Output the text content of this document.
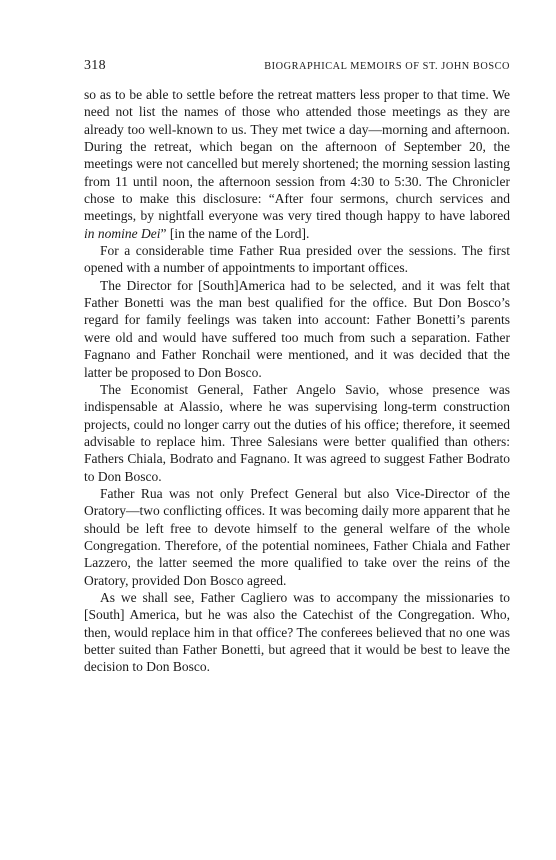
318	BIOGRAPHICAL MEMOIRS OF ST. JOHN BOSCO

so as to be able to settle before the retreat matters less proper to that time. We need not list the names of those who attended those meetings as they are already too well-known to us. They met twice a day—morning and afternoon. During the retreat, which began on the afternoon of September 20, the meetings were not cancelled but merely shortened; the morning session lasting from 11 until noon, the afternoon session from 4:30 to 5:30. The Chronicler chose to make this disclosure: “After four sermons, church services and meetings, by nightfall everyone was very tired though happy to have labored in nomine Dei” [in the name of the Lord].

For a considerable time Father Rua presided over the sessions. The first opened with a number of appointments to important offices.

The Director for [South]America had to be selected, and it was felt that Father Bonetti was the man best qualified for the office. But Don Bosco’s regard for family feelings was taken into account: Father Bonetti’s parents were old and would have suffered too much from such a separation. Father Fagnano and Father Ronchail were mentioned, and it was decided that the latter be proposed to Don Bosco.

The Economist General, Father Angelo Savio, whose presence was indispensable at Alassio, where he was supervising long-term construction projects, could no longer carry out the duties of his office; therefore, it seemed advisable to replace him. Three Salesians were better qualified than others: Fathers Chiala, Bodrato and Fagnano. It was agreed to suggest Father Bodrato to Don Bosco.

Father Rua was not only Prefect General but also Vice-Director of the Oratory—two conflicting offices. It was becoming daily more apparent that he should be left free to devote himself to the general welfare of the whole Congregation. Therefore, of the potential nominees, Father Chiala and Father Lazzero, the latter seemed the more qualified to take over the reins of the Oratory, provided Don Bosco agreed.

As we shall see, Father Cagliero was to accompany the missionaries to [South] America, but he was also the Catechist of the Congregation. Who, then, would replace him in that office? The conferees believed that no one was better suited than Father Bonetti, but agreed that it would be best to leave the decision to Don Bosco.
